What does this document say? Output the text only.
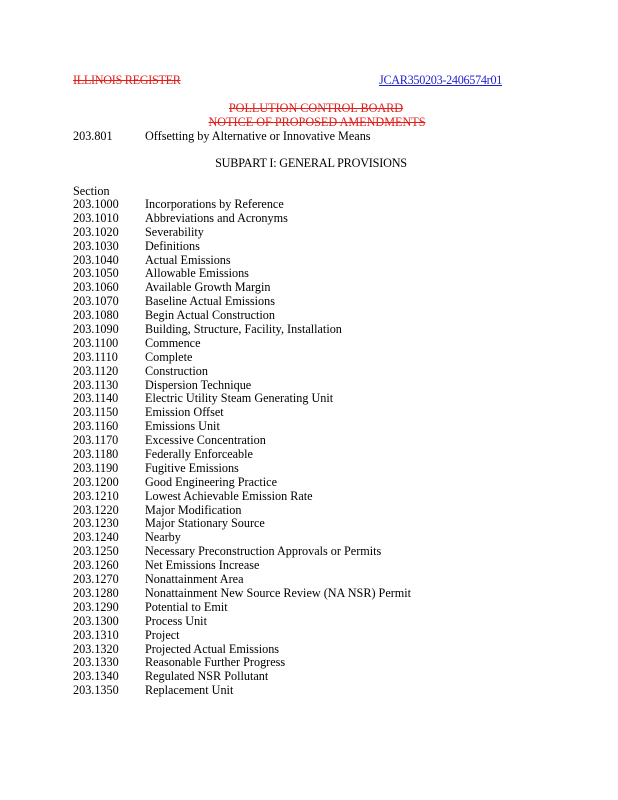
ILLINOIS REGISTER	JCAR350203-2406574r01
POLLUTION CONTROL BOARD
NOTICE OF PROPOSED AMENDMENTS
203.801	Offsetting by Alternative or Innovative Means
SUBPART I: GENERAL PROVISIONS
Section
203.1000 Incorporations by Reference
203.1010 Abbreviations and Acronyms
203.1020 Severability
203.1030 Definitions
203.1040 Actual Emissions
203.1050 Allowable Emissions
203.1060 Available Growth Margin
203.1070 Baseline Actual Emissions
203.1080 Begin Actual Construction
203.1090 Building, Structure, Facility, Installation
203.1100 Commence
203.1110 Complete
203.1120 Construction
203.1130 Dispersion Technique
203.1140 Electric Utility Steam Generating Unit
203.1150 Emission Offset
203.1160 Emissions Unit
203.1170 Excessive Concentration
203.1180 Federally Enforceable
203.1190 Fugitive Emissions
203.1200 Good Engineering Practice
203.1210 Lowest Achievable Emission Rate
203.1220 Major Modification
203.1230 Major Stationary Source
203.1240 Nearby
203.1250 Necessary Preconstruction Approvals or Permits
203.1260 Net Emissions Increase
203.1270 Nonattainment Area
203.1280 Nonattainment New Source Review (NA NSR) Permit
203.1290 Potential to Emit
203.1300 Process Unit
203.1310 Project
203.1320 Projected Actual Emissions
203.1330 Reasonable Further Progress
203.1340 Regulated NSR Pollutant
203.1350 Replacement Unit
